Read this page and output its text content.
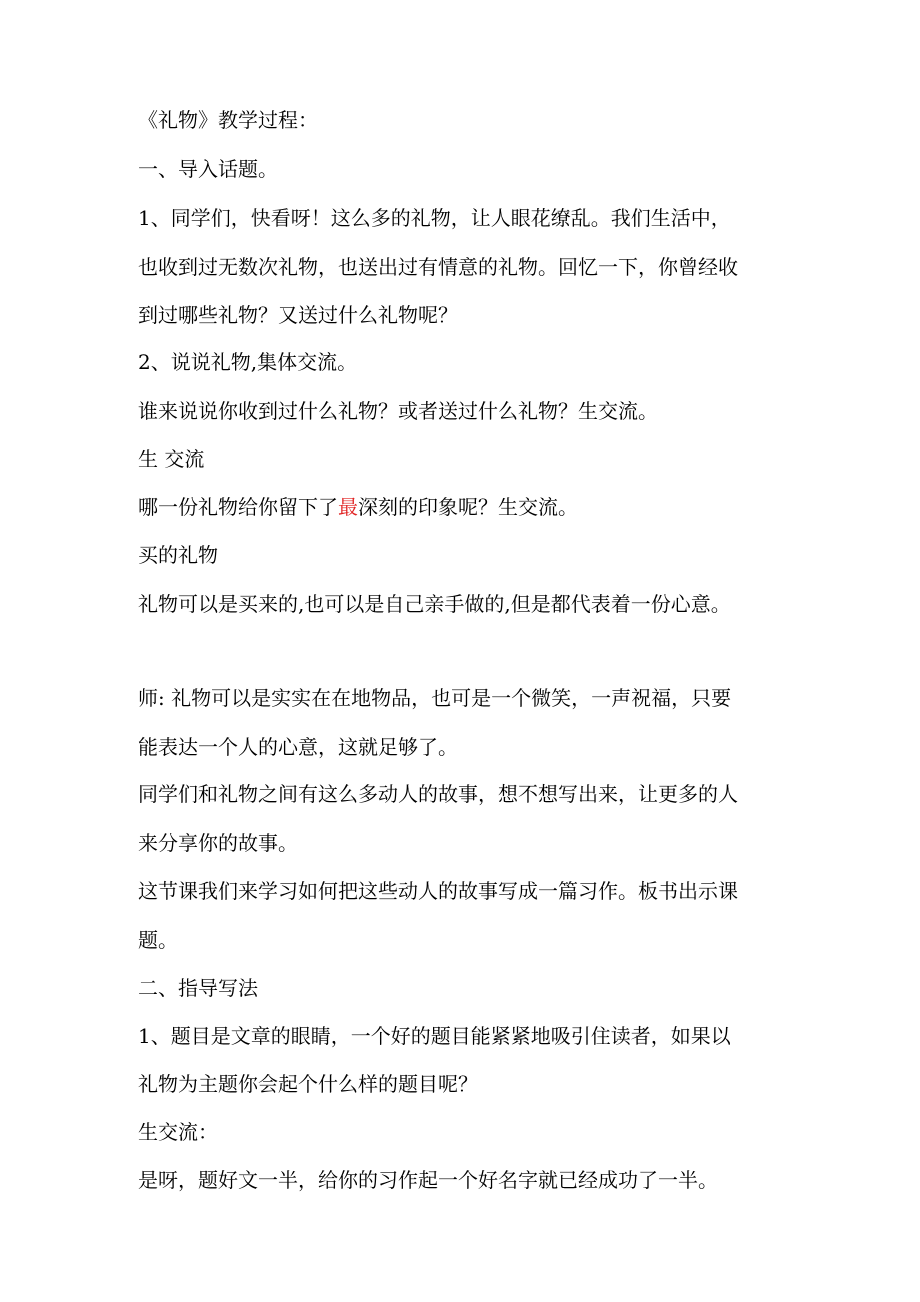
《礼物》教学过程：
一、导入话题。
1、同学们，快看呀！这么多的礼物，让人眼花缭乱。我们生活中，
也收到过无数次礼物，也送出过有情意的礼物。回忆一下，你曾经收
到过哪些礼物？又送过什么礼物呢？
2、说说礼物,集体交流。
谁来说说你收到过什么礼物？或者送过什么礼物？生交流。
生 交流
哪一份礼物给你留下了最深刻的印象呢？生交流。
买的礼物
礼物可以是买来的,也可以是自己亲手做的,但是都代表着一份心意。
师: 礼物可以是实实在在地物品，也可是一个微笑，一声祝福，只要
能表达一个人的心意，这就足够了。
同学们和礼物之间有这么多动人的故事，想不想写出来，让更多的人
来分享你的故事。
这节课我们来学习如何把这些动人的故事写成一篇习作。板书出示课
题。
二、指导写法
1、题目是文章的眼睛，一个好的题目能紧紧地吸引住读者，如果以
礼物为主题你会起个什么样的题目呢？
生交流：
是呀，题好文一半，给你的习作起一个好名字就已经成功了一半。
